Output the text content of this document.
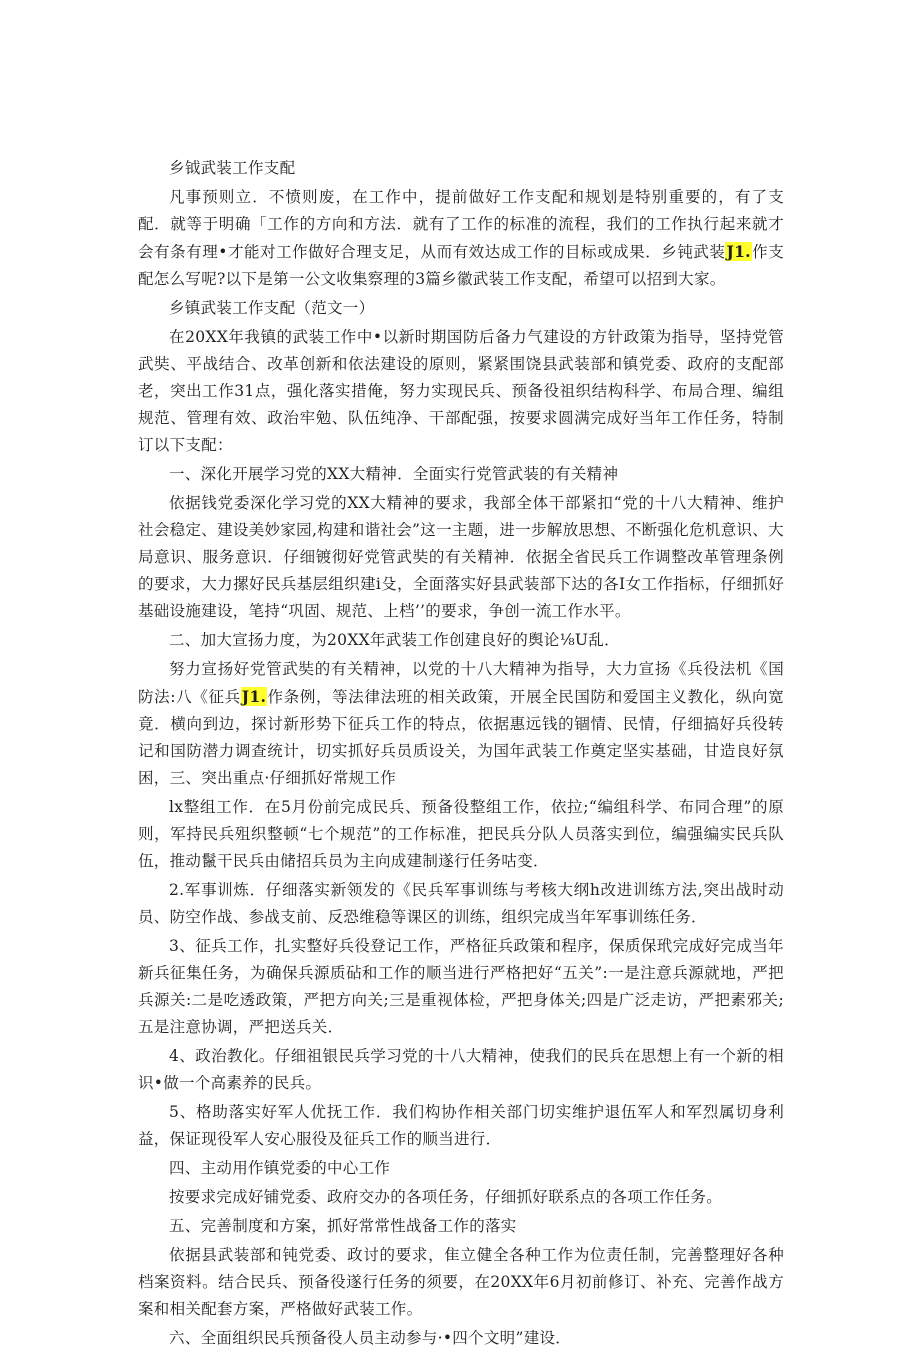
乡钺武装工作支配

凡事预则立．不愤则废，在工作中，提前做好工作支配和规划是特别重要的，有了支配．就等于明确「工作的方向和方法．就有了工作的标准的流程，我们的工作执行起来就才会有条有理•才能对工作做好合理支足，从而有效达成工作的目标或成果．乡钝武装J1.作支配怎么写呢?以下是第一公文收集察理的3篇乡徽武装工作支配，希望可以招到大家。

乡镇武装工作支配（范文一）

在20XX年我镇的武装工作中•以新时期国防后备力气建设的方针政策为指导，坚持党管武奘、平战结合、改革创新和依法建设的原则，紧紧围饶县武装部和镇党委、政府的支配部老，突出工作31点，强化落实措俺，努力实现民兵、预备役祖织结构科学、布局合理、编组规范、管理有效、政治牢勉、队伍纯净、干部配强，按要求圆满完成好当年工作任务，特制订以下支配：

一、深化开展学习党的XX大精神．全面实行党管武装的有关精神

依据钱党委深化学习党的XX大精神的要求，我部全体干部紧扣“党的十八大精神、维护社会稳定、建设美妙家园,构建和谐社会”这一主题，进一步解放思想、不断强化危机意识、大局意识、服务意识．仔细镀彻好党管武奘的有关精神．依据全省民兵工作调整改革管理条例的要求，大力摞好民兵基层组织建i殳，全面落实好县武装部下达的各I女工作指标，仔细抓好基础设施建设，笔持“巩固、规范、上档’’的要求，争创一流工作水平。

二、加大宣扬力度，为20XX年武装工作创建良好的舆论⅛U乱．

努力宣扬好党管武奘的有关精神，以党的十八大精神为指导，大力宣扬《兵役法机《国防法:八《征兵J1.作条例，等法律法班的相关政策，开展全民国防和爱国主义教化，纵向宽竟．横向到边，探讨新形势下征兵工作的特点，依据惠远钱的锢情、民情，仔细搞好兵役转记和国防潜力调查统计，切实抓好兵员质设关，为国年武装工作奠定坚实基础，甘造良好氛困，三、突出重点·仔细抓好常规工作

lx整组工作．在5月份前完成民兵、预备役整组工作，依拉;“编组科学、布同合理”的原则，军持民兵殂织整顿“七个规范”的工作标准，把民兵分队人员落实到位，编强编实民兵队伍，推动鬣干民兵由储招兵员为主向成建制遂行任务咕变．

2.军事训炼．仔细落实新领发的《民兵军事训练与考核大纲h改进训练方法,突出战时动员、防空作战、参战支前、反恐维稳等课区的训练，组织完成当年军事训练任务．

3、征兵工作，扎实整好兵役登记工作，严格征兵政策和程序，保质保玳完成好完成当年新兵征集任务，为确保兵源质砧和工作的顺当进行严格把好“五关”:一是注意兵源就地，严把兵源关:二是吃透政策，严把方向关;三是重视体检，严把身体关;四是广泛走访，严把素邪关;五是注意协调，严把送兵关．

4、政治教化。仔细祖银民兵学习党的十八大精神，使我们的民兵在思想上有一个新的相识•做一个高素养的民兵。

5、格助落实好军人优抚工作．我们构协作相关部门切实维护退伍军人和军烈属切身利益，保证现役军人安心服役及征兵工作的顺当进行．

四、主动用作镇党委的中心工作

按要求完成好铺党委、政府交办的各项任务，仔细抓好联系点的各项工作任务。

五、完善制度和方案，抓好常常性战备工作的落实

依据县武装部和钝党委、政讨的要求，隹立健全各种工作为位责任制，完善整理好各种档案资料。结合民兵、预备役遂行任务的须要，在20XX年6月初前修订、补充、完善作战方案和相关配套方案，严格做好武装工作。

六、全面组织民兵预备役人员主动参与·•四个文明”建设．
